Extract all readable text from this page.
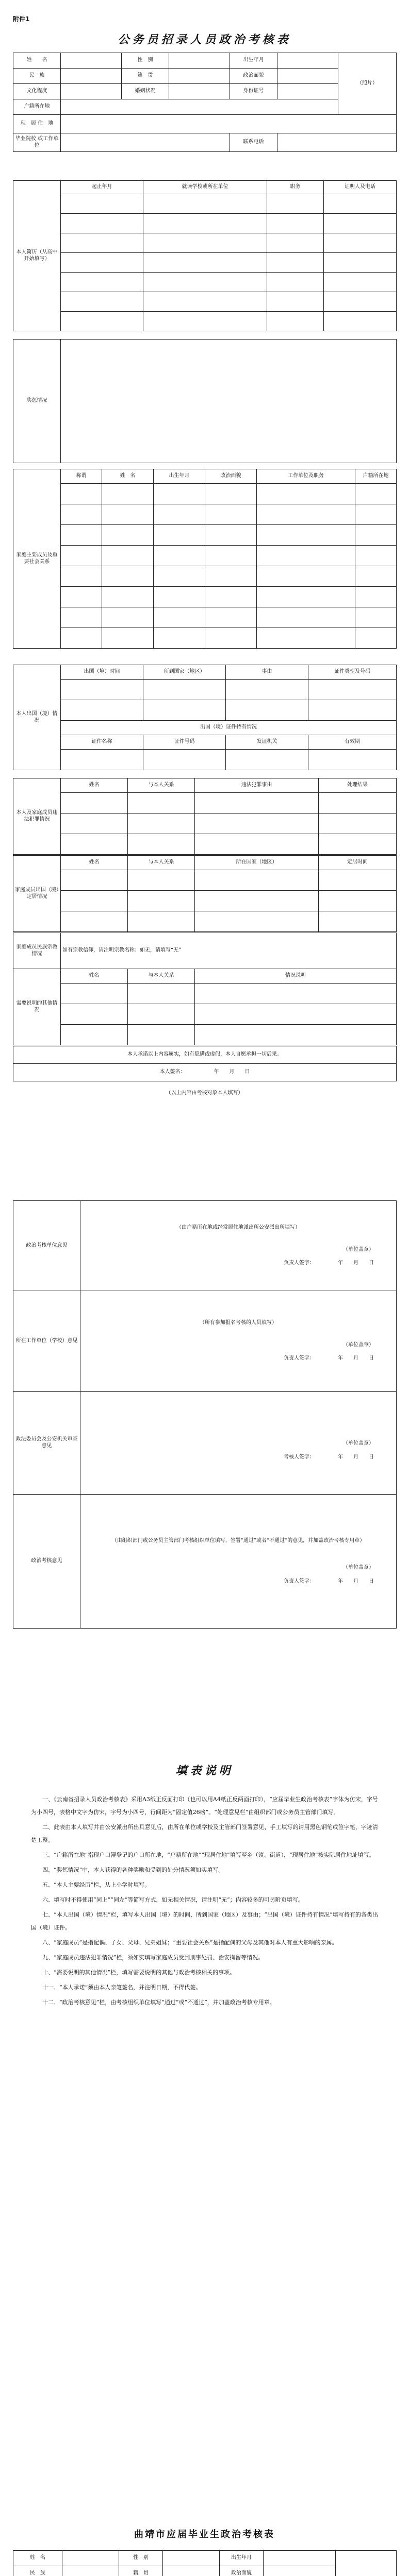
附件1
公务员招录人员政治考核表
姓　　名		性　别		出生年月		（照片）
民　族		籍　贯		政治面貌		
文化程度		婚姻状况		身份证号		
户籍所在地						
现　居 住　地						
毕业院校 或工作单位				联系电话		
本人简历（从高中开始填写）	起止年月	就读学校或所在单位	职务	证明人及电话

奖惩情况	
家庭主要成员及重要社会关系	称谓	姓　名	出生年月	政治面貌	工作单位及职务	户籍所在地

本人出国（境）情况	出国（境）时间	所到国家（地区）	事由	证件类型及号码

	出国（境）证件持有情况			
	证件名称	证件号码	发证机关	有效期

本人及家庭成员违法犯罪情况	姓名	与本人关系	违法犯罪事由	处理结果

家庭成员出国（境）定居情况	姓名	与本人关系	所在国家（地区）	定居时间

家庭成员民族宗教情况	如有宗教信仰，请注明宗教名称；如无，请填写“无”
需要说明的其他情况	姓名	与本人关系	情况说明

本人承诺以上内容属实，如有隐瞒或虚假，本人自愿承担一切后果。
本人签名：　　　　　　年　　月　　日
（以上内容由考核对象本人填写）
政治考核单位意见	（由户籍所在地或经常居住地派出所公安派出所填写）
（单位盖章）
负责人签字：　　　　　年　　月　　日

所在工作单位（学校）意见	（所有参加报名考核的人员填写）
（单位盖章）
负责人签字：　　　　　年　　月　　日

政法委员会及公安机关审查意见	（单位盖章）
考核人签字：　　　　　年　　月　　日

政治考核意见	（由组织部门或公务员主管部门考核组织单位填写，签署“通过”或者“不通过”的意见，并加盖政治考核专用章）
（单位盖章）
负责人签字：　　　　　年　　月　　日
填表说明

一、《云南省招录人员政治考核表》采用A3纸正反面打印（也可以用A4纸正反两面打印），“应届毕业生政治考核表”字体为仿宋，字号为小四号，表格中文字为仿宋，字号为小四号，行间距为“固定值26磅”。“处理意见栏”由组织部门或公务员主管部门填写。

二、此表由本人填写并由公安派出所出具意见后，由所在单位或学校及主管部门签署意见，手工填写的请用黑色钢笔或签字笔，字迹清楚工整。

三、“户籍所在地”指现户口簿登记的户口所在地，“户籍所在地”“现居住地”填写至乡（镇、街道），“现居住地”按实际居住地址填写。

四、“奖惩情况”中，本人获得的各种奖励和受到的处分情况须如实填写。

五、“本人主要经历”栏，从上小学时填写。

六、填写时不得使用“同上”“同左”等简写方式，如无相关情况，请注明“无”；内容较多的可另附页填写。

七、“本人出国（境）情况”栏，填写本人出国（境）的时间、所到国家（地区）及事由；“出国（境）证件持有情况”填写持有的各类出国（境）证件。

八、“家庭成员”是指配偶、子女、父母、兄弟姐妹；“重要社会关系”是指配偶的父母及其他对本人有重大影响的亲属。

九、“家庭成员违法犯罪情况”栏，须如实填写家庭成员受到刑事处罚、治安拘留等情况。

十、“需要说明的其他情况”栏，填写需要说明的其他与政治考核相关的事项。

十一、“本人承诺”须由本人亲笔签名，并注明日期，不得代签。

十二、“政治考核意见”栏，由考核组织单位填写“通过”或“不通过”，并加盖政治考核专用章。

曲靖市应届毕业生政治考核表
姓　名		性　别		出生年月		
民　族		籍　贯		政治面貌		
